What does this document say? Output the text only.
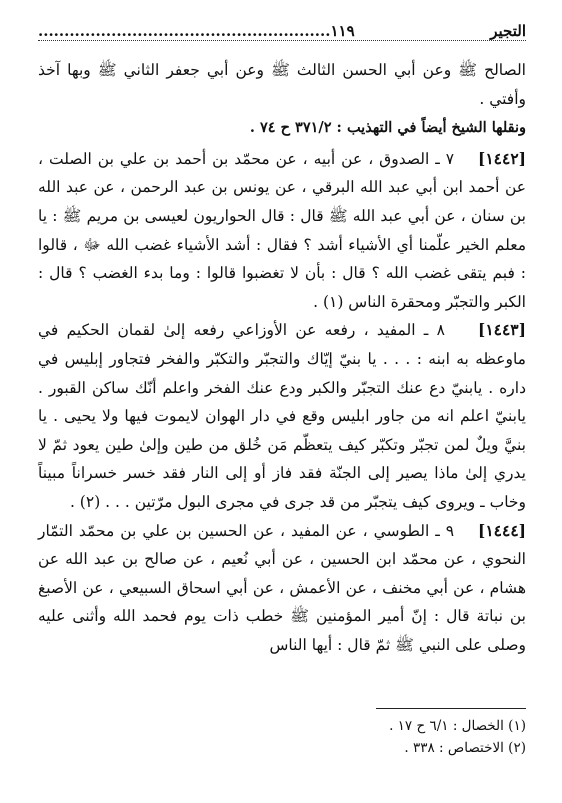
١١٩........................................................	التجير

الصالح ﷺ وعن أبي الحسن الثالث ﷺ وعن أبي جعفر الثاني ﷺ وبها آخذ وأفتي .

ونقلها الشيخ أيضاً في التهذيب : ٣٧١/٢ ح ٧٤ .

[١٤٤٢]    ٧ ـ الصدوق ، عن أبيه ، عن محمّد بن أحمد بن علي بن الصلت ، عن أحمد ابن أبي عبد الله البرقي ، عن يونس بن عبد الرحمن ، عن عبد الله بن سنان ، عن أبي عبد الله ﷺ قال : قال الحواريون لعيسى بن مريم ﷺ : يا معلم الخير علّمنا أي الأشياء أشد ؟ فقال : أشد الأشياء غضب الله ﷻ ، قالوا : فبم يتقى غضب الله ؟ قال : بأن لا تغضبوا قالوا : وما بدء الغضب ؟ قال : الكبر والتجبّر ومحقرة الناس (١) .

[١٤٤٣]    ٨ ـ المفيد ، رفعه عن الأوزاعي رفعه إلىٰ لقمان الحكيم في ماوعظه به ابنه : . . . يا بنيّ إيّاك والتجبّر والتكبّر والفخر فتجاور إبليس في داره . يابنيّ دع عنك التجبّر والكبر ودع عنك الفخر واعلم أنّك ساكن القبور . يابنيّ اعلم انه من جاور ابليس وقع في دار الهوان لايموت فيها ولا يحيى . يا بنيَّ ويلٌ لمن تجبّر وتكبّر كيف يتعظّم مَن خُلق من طين وإلىٰ طين يعود ثمّ لا يدري إلىٰ ماذا يصير إلى الجنّة فقد فاز أو إلى النار فقد خسر خسراناً مبيناً وخاب ـ ويروى كيف يتجبّر من قد جرى في مجرى البول مرّتين . . . (٢) .

[١٤٤٤]    ٩ ـ الطوسي ، عن المفيد ، عن الحسين بن علي بن محمّد التمّار النحوي ، عن محمّد ابن الحسين ، عن أبي نُعيم ، عن صالح بن عبد الله عن هشام ، عن أبي مخنف ، عن الأعمش ، عن أبي اسحاق السبيعي ، عن الأصبغ بن نباتة قال : إنّ أمير المؤمنين ﷺ خطب ذات يوم فحمد الله وأثنى عليه وصلى على النبي ﷺ ثمّ قال : أيها الناس

(١) الخصال : ٦/١ ح ١٧ .

(٢) الاختصاص : ٣٣٨ .
